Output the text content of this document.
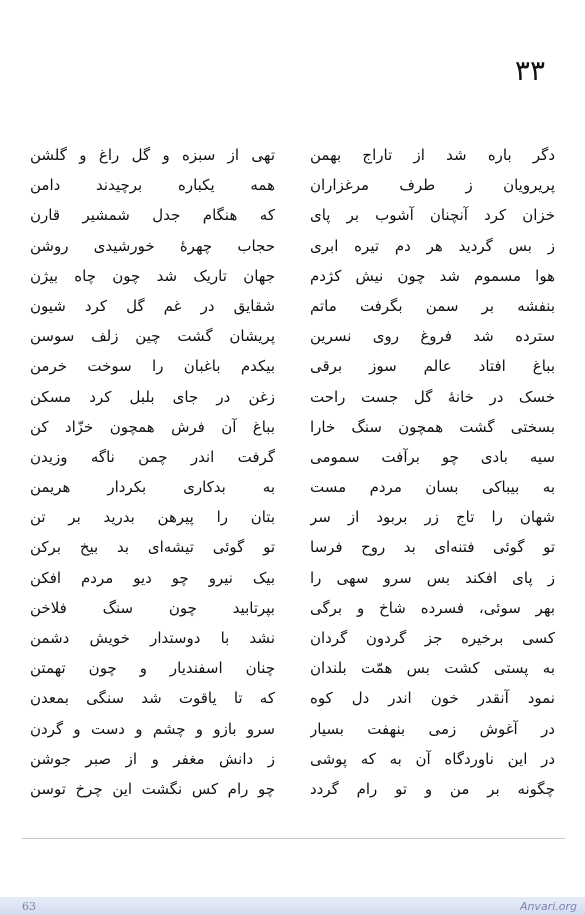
۳۳
تهی از سبزه و گل راغ و گلشن
همه یکباره برچیدند دامن
که هنگام جدل شمشیر قارن
حجاب چهرهٔ خورشیدی روشن
جهان تاریک شد چون چاه بیژن
شقایق در غم گل کرد شیون
پریشان گشت چین زلف سوسن
بیکدم باغبان را سوخت خرمن
زغن در جای بلبل کرد مسکن
بباغ آن فرش همچون خزّاد کن
گرفت اندر چمن ناگه وزیدن
به بدکاری بکردار هریمن
بتان را پیرهن بدرید بر تن
تو گوئی تیشه‌ای بد بیخ برکن
بیک نیرو چو دیو مردم افکن
بپرتابید چون سنگ فلاخن
نشد با دوستدار خویش دشمن
چنان اسفندیار و چون تهمتن
که تا یاقوت شد سنگی بمعدن
سرو بازو و چشم و دست و گردن
ز دانش مغفر و از صبر جوشن
چو رام کس نگشت این چرخ توسن
دگر باره شد از تاراج بهمن
پریرویان ز طرف مرغزاران
خزان کرد آنچنان آشوب بر پای
ز بس گردید هر دم تیره ابری
هوا مسموم شد چون نیش کژدم
بنفشه بر سمن بگرفت ماتم
سترده شد فروغ روی نسرین
بباغ افتاد عالم سوز برقی
خسک در خانهٔ گل جست راحت
بسختی گشت همچون سنگ خارا
سیه بادی چو برآفت سمومی
به بیباکی بسان مردم مست
شهان را تاج زر بربود از سر
تو گوئی فتنه‌ای بد روح فرسا
ز پای افکند بس سرو سهی را
بهر سوئی، فسرده شاخ و برگی
کسی برخیره جز گردون گردان
به پستی کشت بس همّت بلندان
نمود آنقدر خون اندر دل کوه
در آغوش زمی بنهفت بسیار
در این ناوردگاه آن به که پوشی
چگونه بر من و تو رام گردد
63	Anvari.org
